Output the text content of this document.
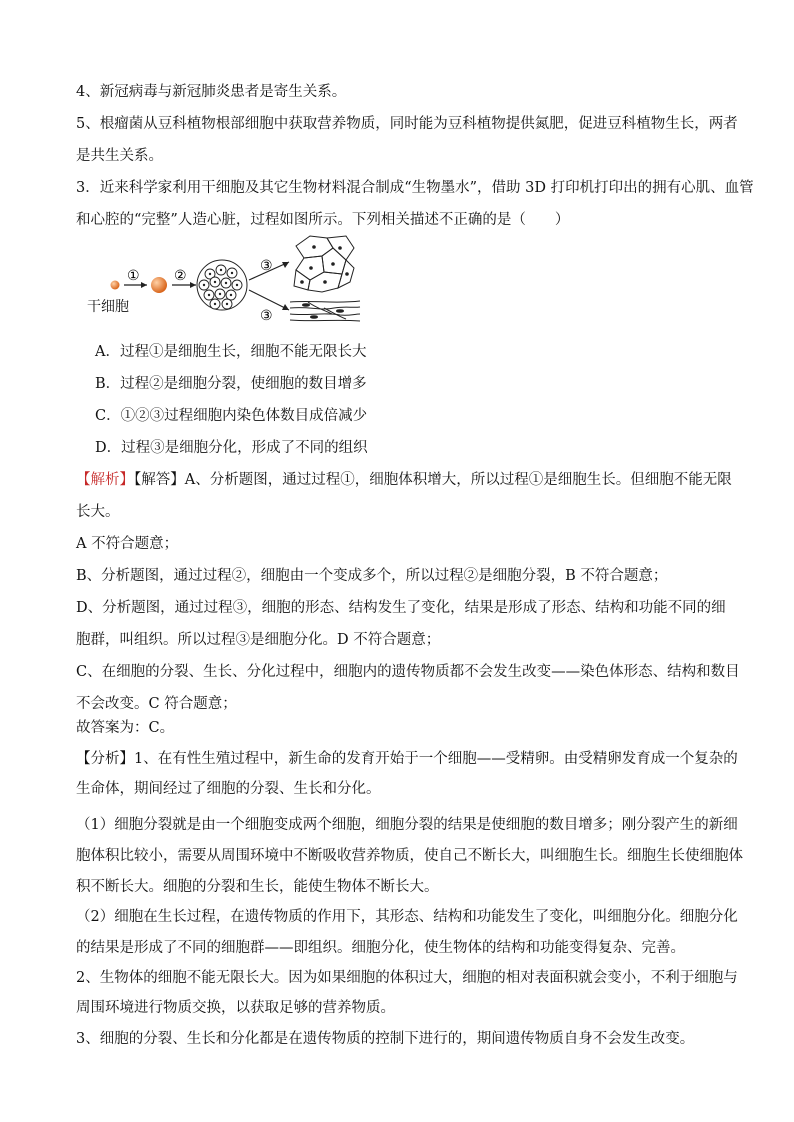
4、新冠病毒与新冠肺炎患者是寄生关系。
5、根瘤菌从豆科植物根部细胞中获取营养物质，同时能为豆科植物提供氮肥，促进豆科植物生长，两者
是共生关系。
3．近来科学家利用干细胞及其它生物材料混合制成“生物墨水”，借助 3D 打印机打印出的拥有心肌、血管
和心腔的“完整”人造心脏，过程如图所示。下列相关描述不正确的是（　　）
① ②
③
③
干细胞
A．过程①是细胞生长，细胞不能无限长大
B．过程②是细胞分裂，使细胞的数目增多
C．①②③过程细胞内染色体数目成倍减少
D．过程③是细胞分化，形成了不同的组织
【解析】【解答】A、分析题图，通过过程①，细胞体积增大，所以过程①是细胞生长。但细胞不能无限
长大。
A 不符合题意；
B、分析题图，通过过程②，细胞由一个变成多个，所以过程②是细胞分裂，B 不符合题意；
D、分析题图，通过过程③，细胞的形态、结构发生了变化，结果是形成了形态、结构和功能不同的细
胞群，叫组织。所以过程③是细胞分化。D 不符合题意；
C、在细胞的分裂、生长、分化过程中，细胞内的遗传物质都不会发生改变——染色体形态、结构和数目
不会改变。C 符合题意；
故答案为：C。
【分析】1、在有性生殖过程中，新生命的发育开始于一个细胞——受精卵。由受精卵发育成一个复杂的
生命体，期间经过了细胞的分裂、生长和分化。
（1）细胞分裂就是由一个细胞变成两个细胞，细胞分裂的结果是使细胞的数目增多；刚分裂产生的新细
胞体积比较小，需要从周围环境中不断吸收营养物质，使自己不断长大，叫细胞生长。细胞生长使细胞体
积不断长大。细胞的分裂和生长，能使生物体不断长大。
（2）细胞在生长过程，在遗传物质的作用下，其形态、结构和功能发生了变化，叫细胞分化。细胞分化
的结果是形成了不同的细胞群——即组织。细胞分化，使生物体的结构和功能变得复杂、完善。
2、生物体的细胞不能无限长大。因为如果细胞的体积过大，细胞的相对表面积就会变小，不利于细胞与
周围环境进行物质交换，以获取足够的营养物质。
3、细胞的分裂、生长和分化都是在遗传物质的控制下进行的，期间遗传物质自身不会发生改变。
